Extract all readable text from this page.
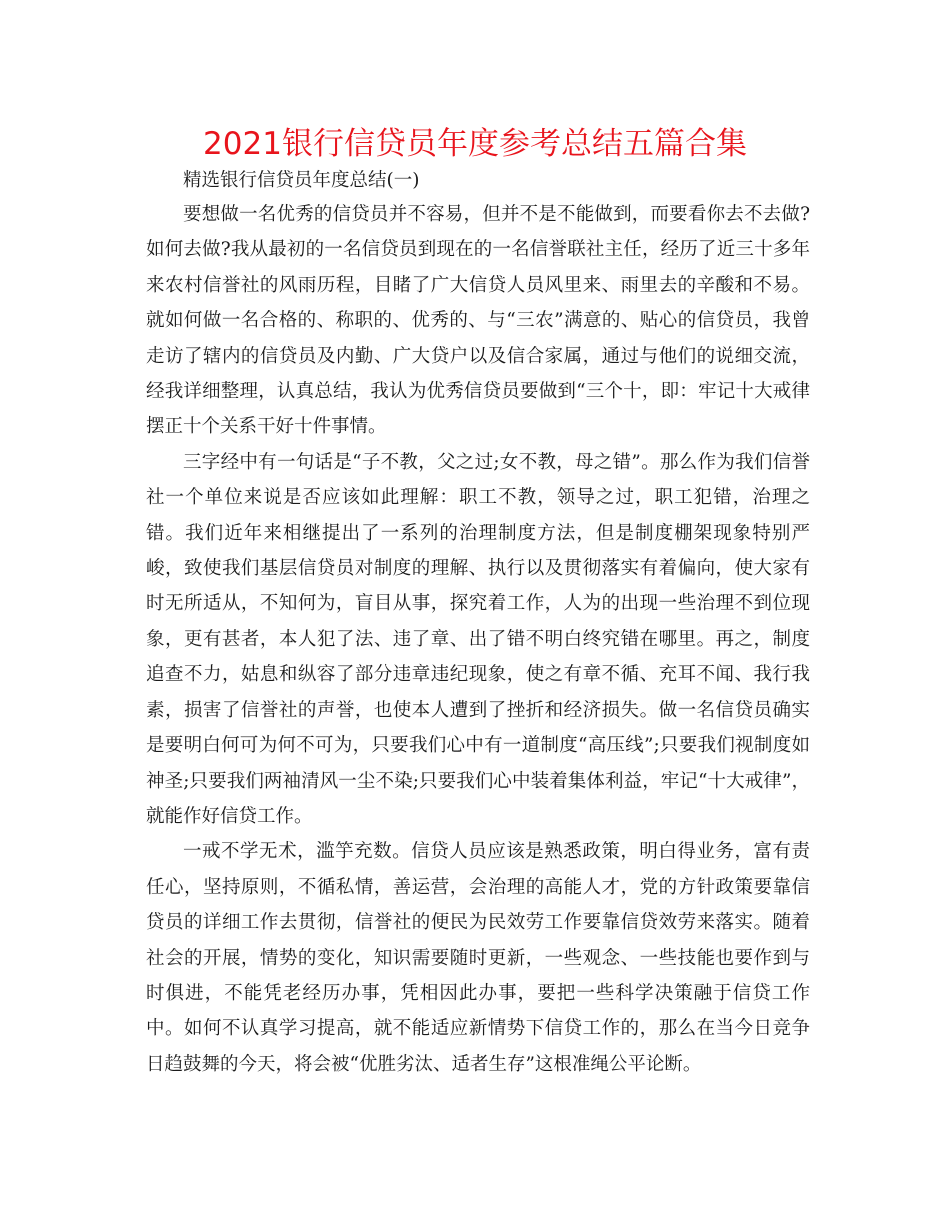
2021银行信贷员年度参考总结五篇合集

精选银行信贷员年度总结(一)

要想做一名优秀的信贷员并不容易，但并不是不能做到，而要看你去不去做?如何去做?我从最初的一名信贷员到现在的一名信誉联社主任，经历了近三十多年来农村信誉社的风雨历程，目睹了广大信贷人员风里来、雨里去的辛酸和不易。就如何做一名合格的、称职的、优秀的、与“三农”满意的、贴心的信贷员，我曾走访了辖内的信贷员及内勤、广大贷户以及信合家属，通过与他们的说细交流，经我详细整理，认真总结，我认为优秀信贷员要做到“三个十，即：牢记十大戒律摆正十个关系干好十件事情。

三字经中有一句话是“子不教，父之过;女不教，母之错”。那么作为我们信誉社一个单位来说是否应该如此理解：职工不教，领导之过，职工犯错，治理之错。我们近年来相继提出了一系列的治理制度方法，但是制度棚架现象特别严峻，致使我们基层信贷员对制度的理解、执行以及贯彻落实有着偏向，使大家有时无所适从，不知何为，盲目从事，探究着工作，人为的出现一些治理不到位现象，更有甚者，本人犯了法、违了章、出了错不明白终究错在哪里。再之，制度追查不力，姑息和纵容了部分违章违纪现象，使之有章不循、充耳不闻、我行我素，损害了信誉社的声誉，也使本人遭到了挫折和经济损失。做一名信贷员确实是要明白何可为何不可为，只要我们心中有一道制度“高压线”;只要我们视制度如神圣;只要我们两袖清风一尘不染;只要我们心中装着集体利益，牢记“十大戒律”，就能作好信贷工作。

一戒不学无术，滥竽充数。信贷人员应该是熟悉政策，明白得业务，富有责任心，坚持原则，不循私情，善运营，会治理的高能人才，党的方针政策要靠信贷员的详细工作去贯彻，信誉社的便民为民效劳工作要靠信贷效劳来落实。随着社会的开展，情势的变化，知识需要随时更新，一些观念、一些技能也要作到与时俱进，不能凭老经历办事，凭相因此办事，要把一些科学决策融于信贷工作中。如何不认真学习提高，就不能适应新情势下信贷工作的，那么在当今日竞争日趋鼓舞的今天，将会被“优胜劣汰、适者生存”这根准绳公平论断。
